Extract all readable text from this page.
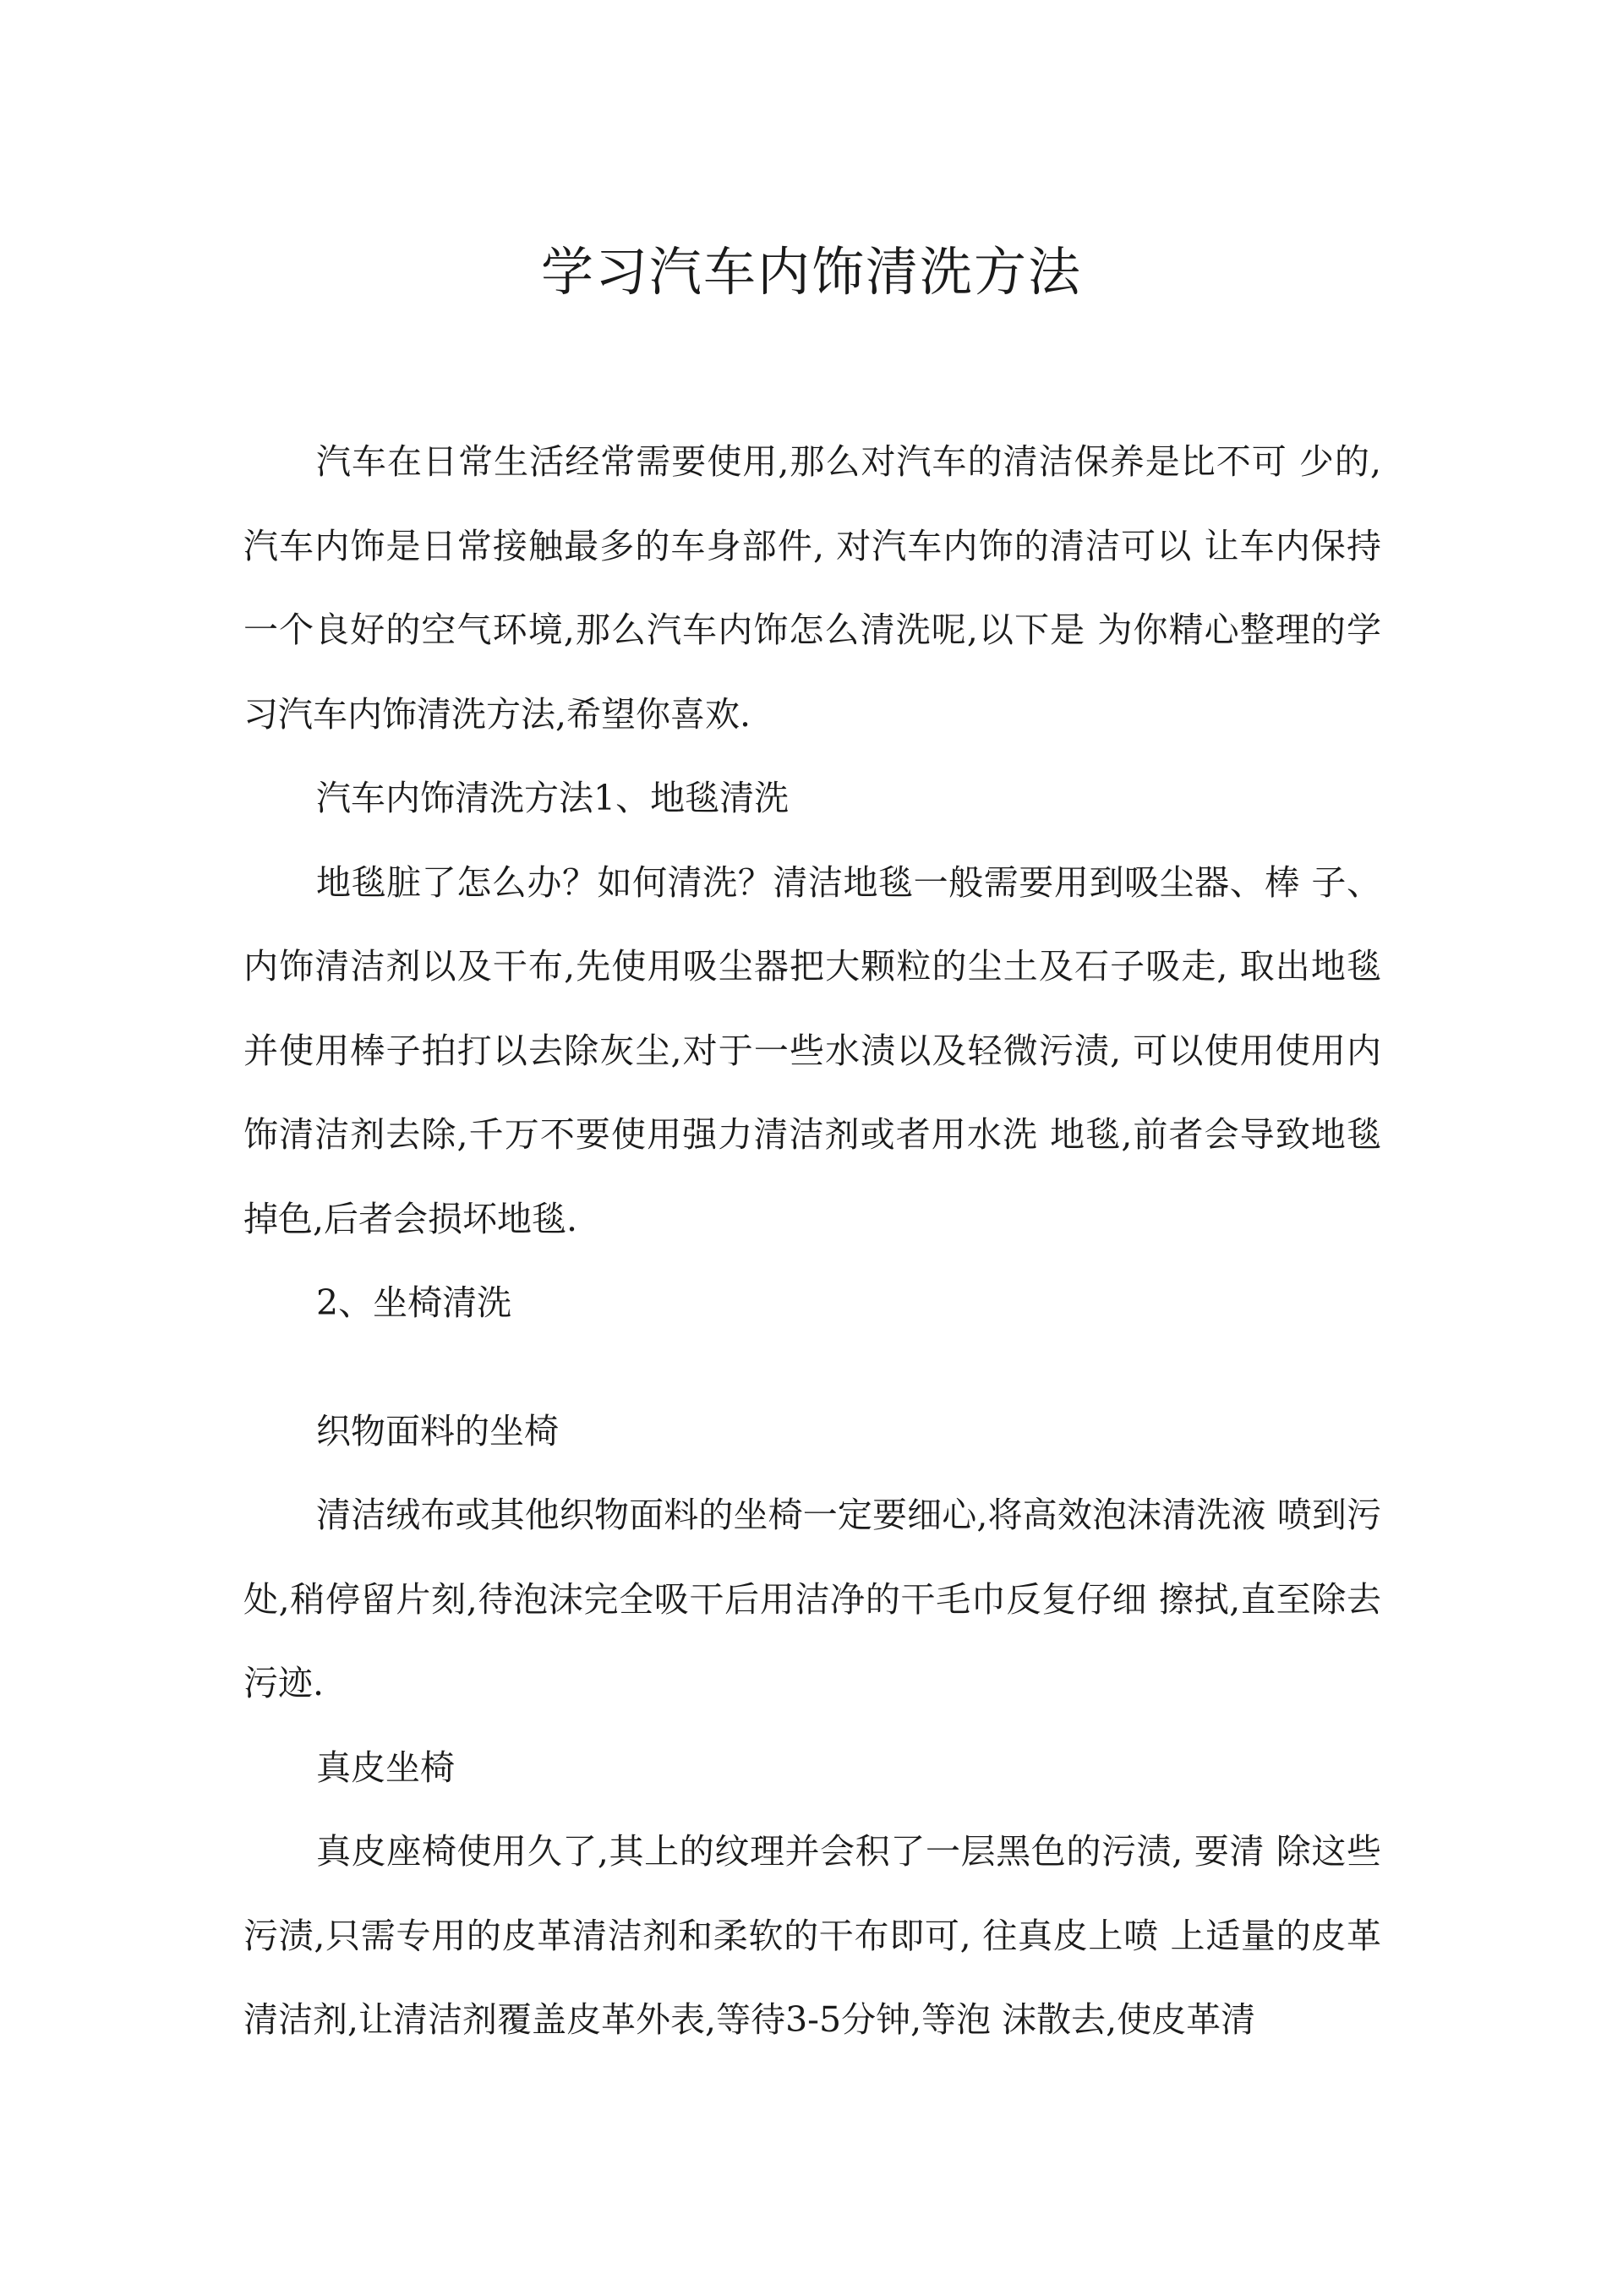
学习汽车内饰清洗方法

汽车在日常生活经常需要使用,那么对汽车的清洁保养是比不可 少的,汽车内饰是日常接触最多的车身部件, 对汽车内饰的清洁可以 让车内保持一个良好的空气环境,那么汽车内饰怎么清洗呢,以下是 为你精心整理的学习汽车内饰清洗方法,希望你喜欢.

汽车内饰清洗方法1、地毯清洗

地毯脏了怎么办？如何清洗？清洁地毯一般需要用到吸尘器、棒 子、内饰清洁剂以及干布,先使用吸尘器把大颗粒的尘土及石子吸走, 取出地毯并使用棒子拍打以去除灰尘,对于一些水渍以及轻微污渍, 可以使用使用内饰清洁剂去除,千万不要使用强力清洁剂或者用水洗 地毯,前者会导致地毯掉色,后者会损坏地毯.

2、坐椅清洗

织物面料的坐椅

清洁绒布或其他织物面料的坐椅一定要细心,将高效泡沫清洗液 喷到污处,稍停留片刻,待泡沫完全吸干后用洁净的干毛巾反复仔细 擦拭,直至除去污迹.

真皮坐椅

真皮座椅使用久了,其上的纹理并会积了一层黑色的污渍, 要清 除这些污渍,只需专用的皮革清洁剂和柔软的干布即可, 往真皮上喷 上适量的皮革清洁剂,让清洁剂覆盖皮革外表,等待3-5分钟,等泡 沫散去,使皮革清
